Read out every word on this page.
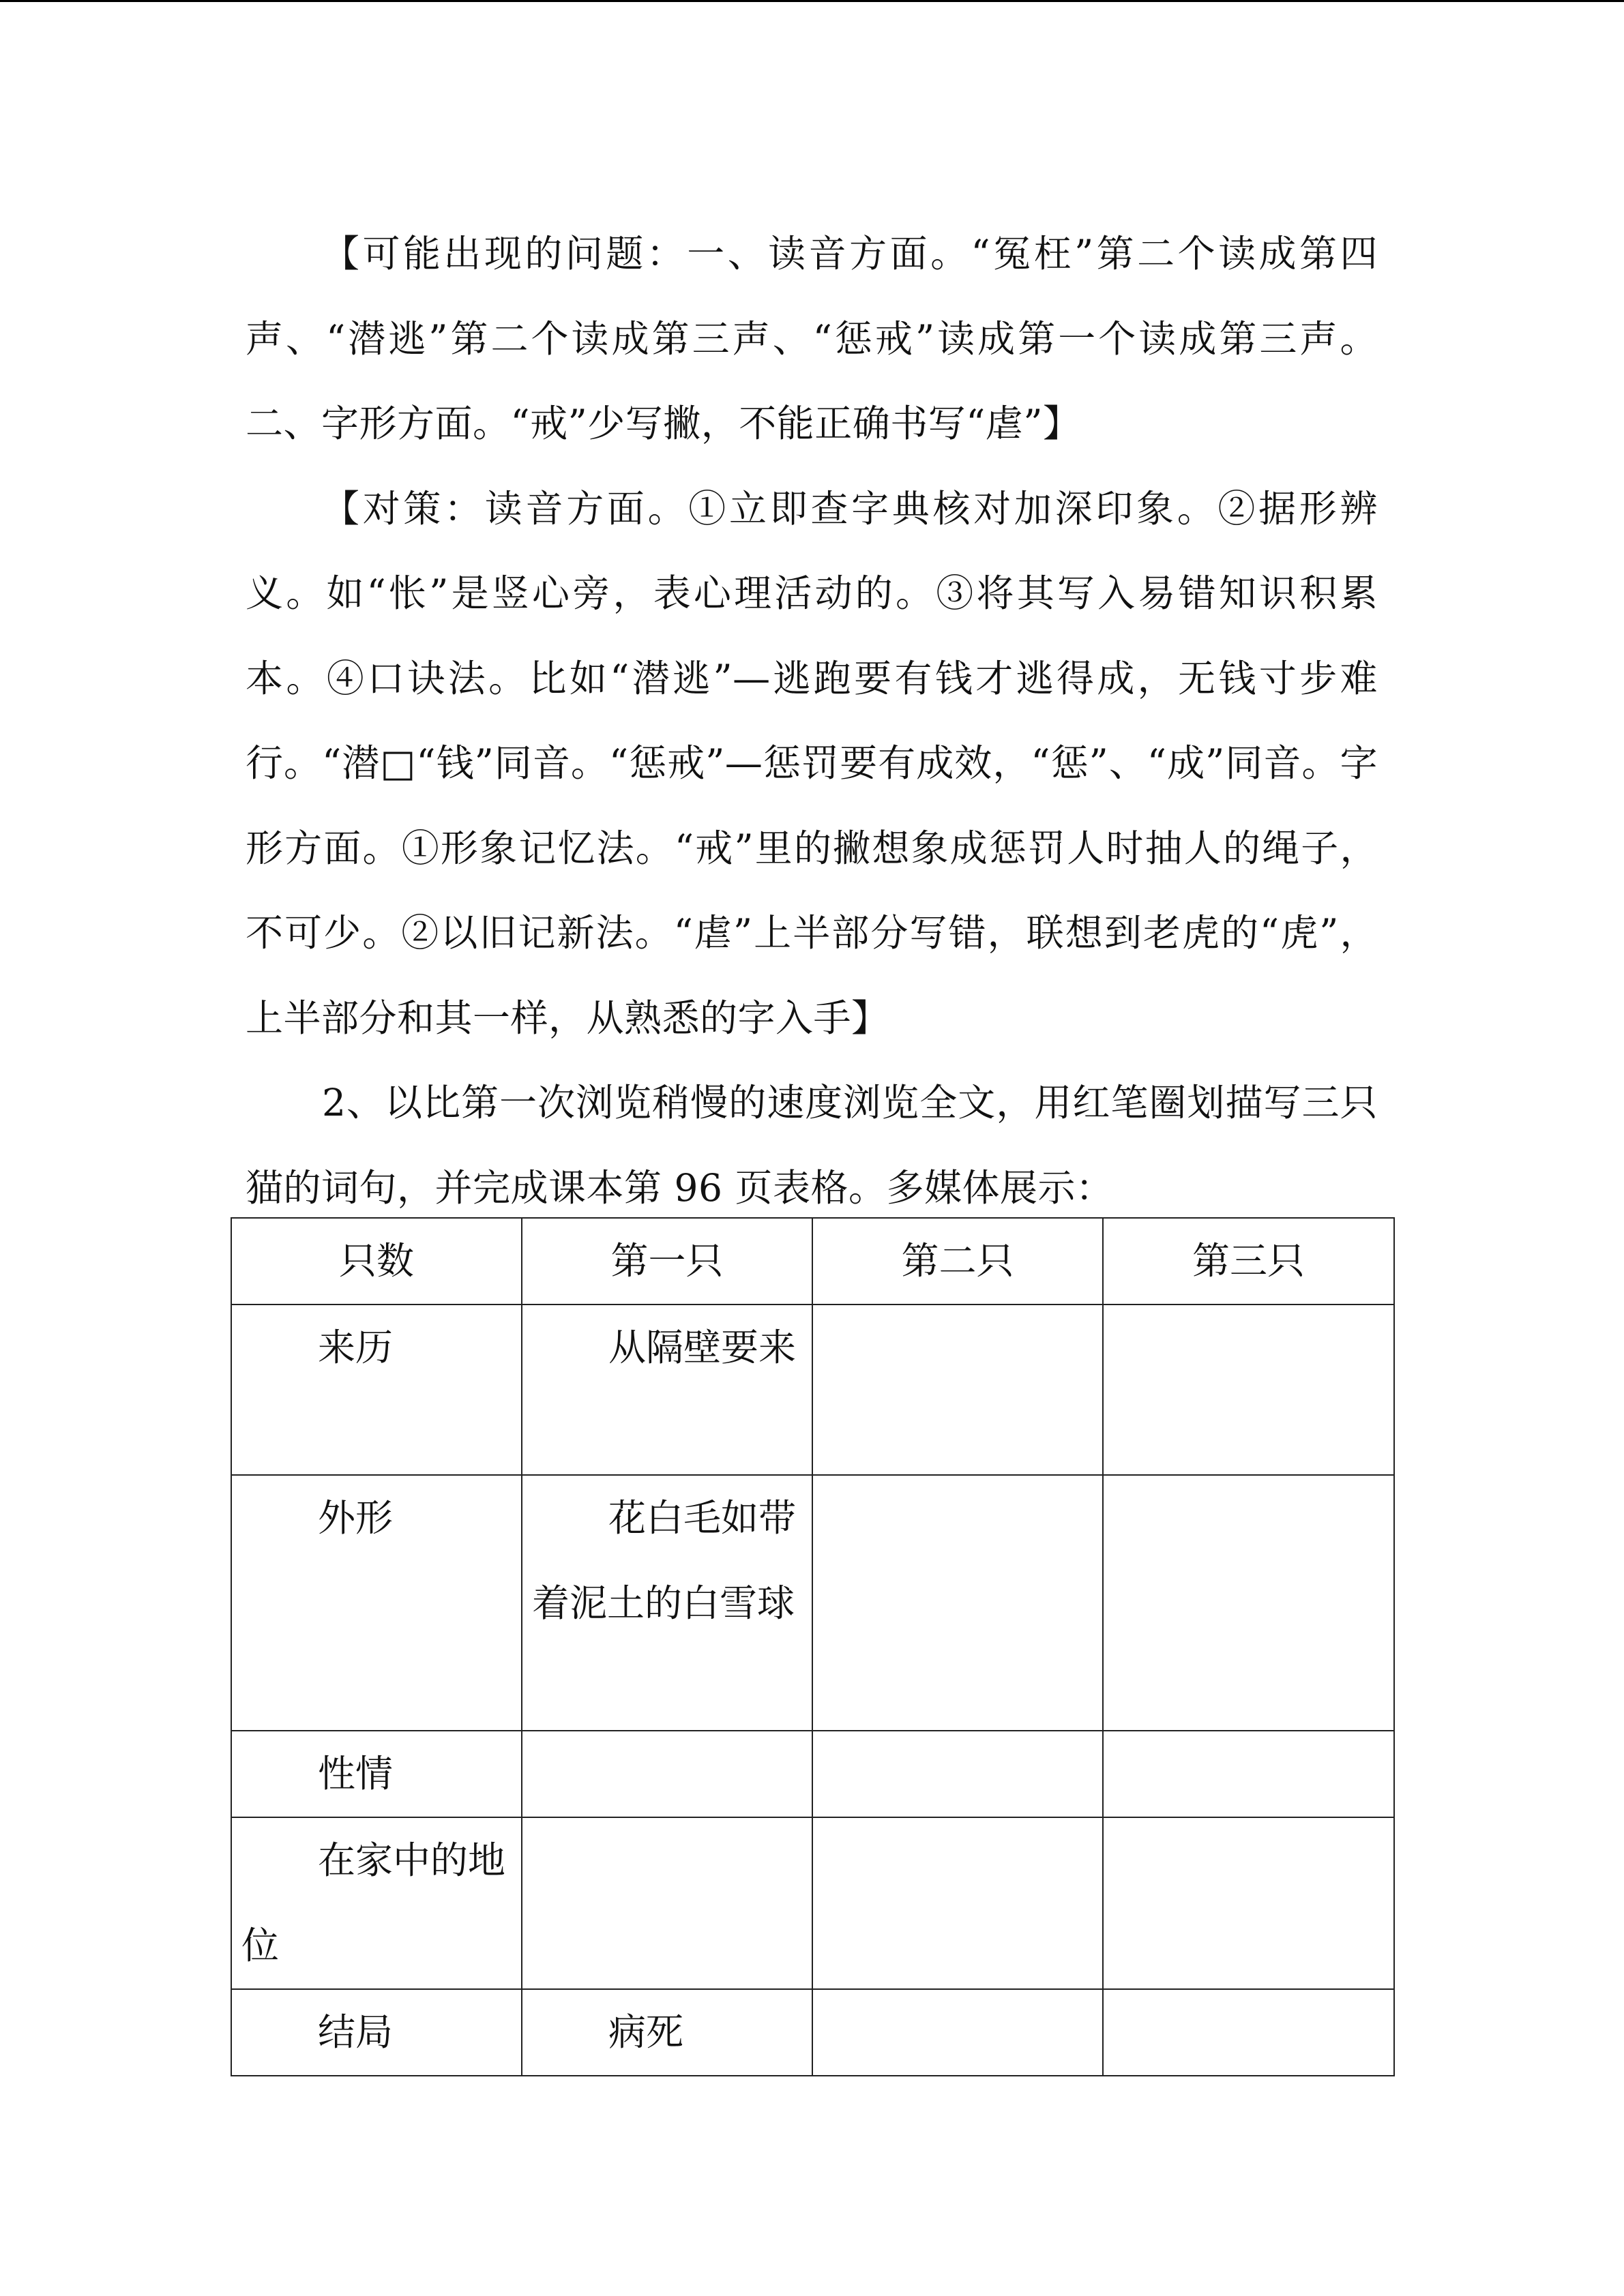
【可能出现的问题：一、读音方面。“冤枉”第二个读成第四声、“潜逃”第二个读成第三声、“惩戒”读成第一个读成第三声。二、字形方面。“戒”少写撇，不能正确书写“虐”】

【对策：读音方面。①立即查字典核对加深印象。②据形辨义。如“怅”是竖心旁，表心理活动的。③将其写入易错知识积累本。④口诀法。比如“潜逃”—逃跑要有钱才逃得成，无钱寸步难行。“潜□“钱”同音。“惩戒”—惩罚要有成效，“惩”、“成”同音。字形方面。①形象记忆法。“戒”里的撇想象成惩罚人时抽人的绳子，不可少。②以旧记新法。“虐”上半部分写错，联想到老虎的“虎”，上半部分和其一样，从熟悉的字入手】

2、以比第一次浏览稍慢的速度浏览全文，用红笔圈划描写三只猫的词句，并完成课本第 96 页表格。多媒体展示：

只数	第一只	第二只	第三只

来历	从隔壁要来		

外形	花白毛如带着泥土的白雪球		

性情			

在家中的地位			

结局	病死		
